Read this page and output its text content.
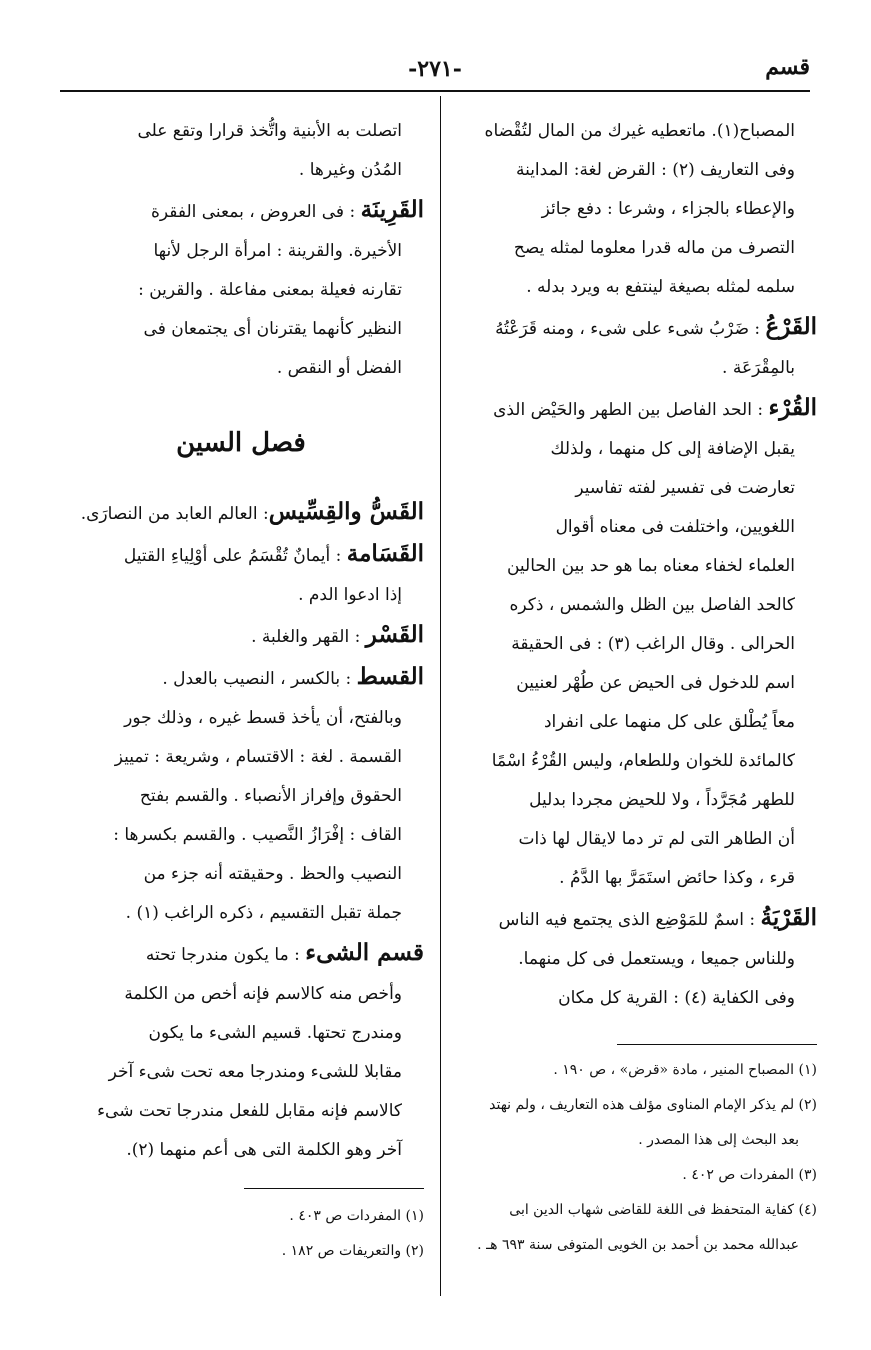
قسم
-٢٧١-

المصباح(١). ماتعطيه غيرك من المال لتُقْضاه

وفى التعاريف (٢) : القرض لغة: المداينة

والإعطاء بالجزاء ، وشرعا : دفع جائز

التصرف من ماله قدرا معلوما لمثله يصح

سلمه لمثله بصيغة لينتفع به ويرد بدله .

القَرْعُ : ضَرْبُ شىء على شىء ، ومنه قَرَعْتُهُ

بالمِقْرَعَة .

القُرْء : الحد الفاصل بين الطهر والحَيْض الذى

يقبل الإضافة إلى كل منهما ، ولذلك

تعارضت فى تفسير لفته تفاسير

اللغويين، واختلفت فى معناه أقوال

العلماء لخفاء معناه بما هو حد بين الحالين

كالحد الفاصل بين الظل والشمس ، ذكره

الحرالى . وقال الراغب (٣) : فى الحقيقة

اسم للدخول فى الحيض عن طُهْر لعنيين

معاً يُطْلق على كل منهما على انفراد

كالمائدة للخوان وللطعام، وليس القُرْءُ اسْمًا

للطهر مُجَرَّداً ، ولا للحيض مجردا بدليل

أن الطاهر التى لم تر دما لايقال لها ذات

قرء ، وكذا حائض استَمَرَّ بها الدَّمُ .

القَرْيَةُ : اسمٌ للمَوْضِع الذى يجتمع فيه الناس

وللناس جميعا ، ويستعمل فى كل منهما.

وفى الكفاية (٤) : القرية كل مكان

(١) المصباح المنير ، مادة «قرض» ، ص ١٩٠ .

(٢) لم يذكر الإمام المناوى مؤلف هذه التعاريف ، ولم نهتد

بعد البحث إلى هذا المصدر .

(٣) المفردات ص ٤٠٢ .

(٤) كفاية المتحفظ فى اللغة للقاضى شهاب الدين ابى

عبدالله محمد بن أحمد بن الخويى المتوفى سنة ٦٩٣ هـ .

اتصلت به الأبنية واتُّخذ قرارا وتقع على

المُدُن وغيرها .

القَرِينَة : فى العروض ، بمعنى الفقرة

الأخيرة. والقرينة : امرأة الرجل لأنها

تقارنه فعيلة بمعنى مفاعلة . والقرين :

النظير كأنهما يقترنان أى يجتمعان فى

الفضل أو النقص .

فصل السين

القَسُّ والقِسِّيس: العالم العابد من النصارَى.

القَسَامة : أيمانٌ تُقْسَمُ على أوْلِياءِ القتيل

إذا ادعوا الدم .

القَسْر : القهر والغلبة .

القسط : بالكسر ، النصيب بالعدل .

وبالفتح، أن يأخذ قسط غيره ، وذلك جور

القسمة . لغة : الاقتسام ، وشريعة : تمييز

الحقوق وإفراز الأنصباء . والقسم بفتح

القاف : إفْرَازُ النَّصيب . والقسم بكسرها :

النصيب والحظ . وحقيقته أنه جزء من

جملة تقبل التقسيم ، ذكره الراغب (١) .

قسم الشىء : ما يكون مندرجا تحته

وأخص منه كالاسم فإنه أخص من الكلمة

ومندرج تحتها. قسيم الشىء ما يكون

مقابلا للشىء ومندرجا معه تحت شىء آخر

كالاسم فإنه مقابل للفعل مندرجا تحت شىء

آخر وهو الكلمة التى هى أعم منهما (٢).

(١) المفردات ص ٤٠٣ .

(٢) والتعريفات ص ١٨٢ .
